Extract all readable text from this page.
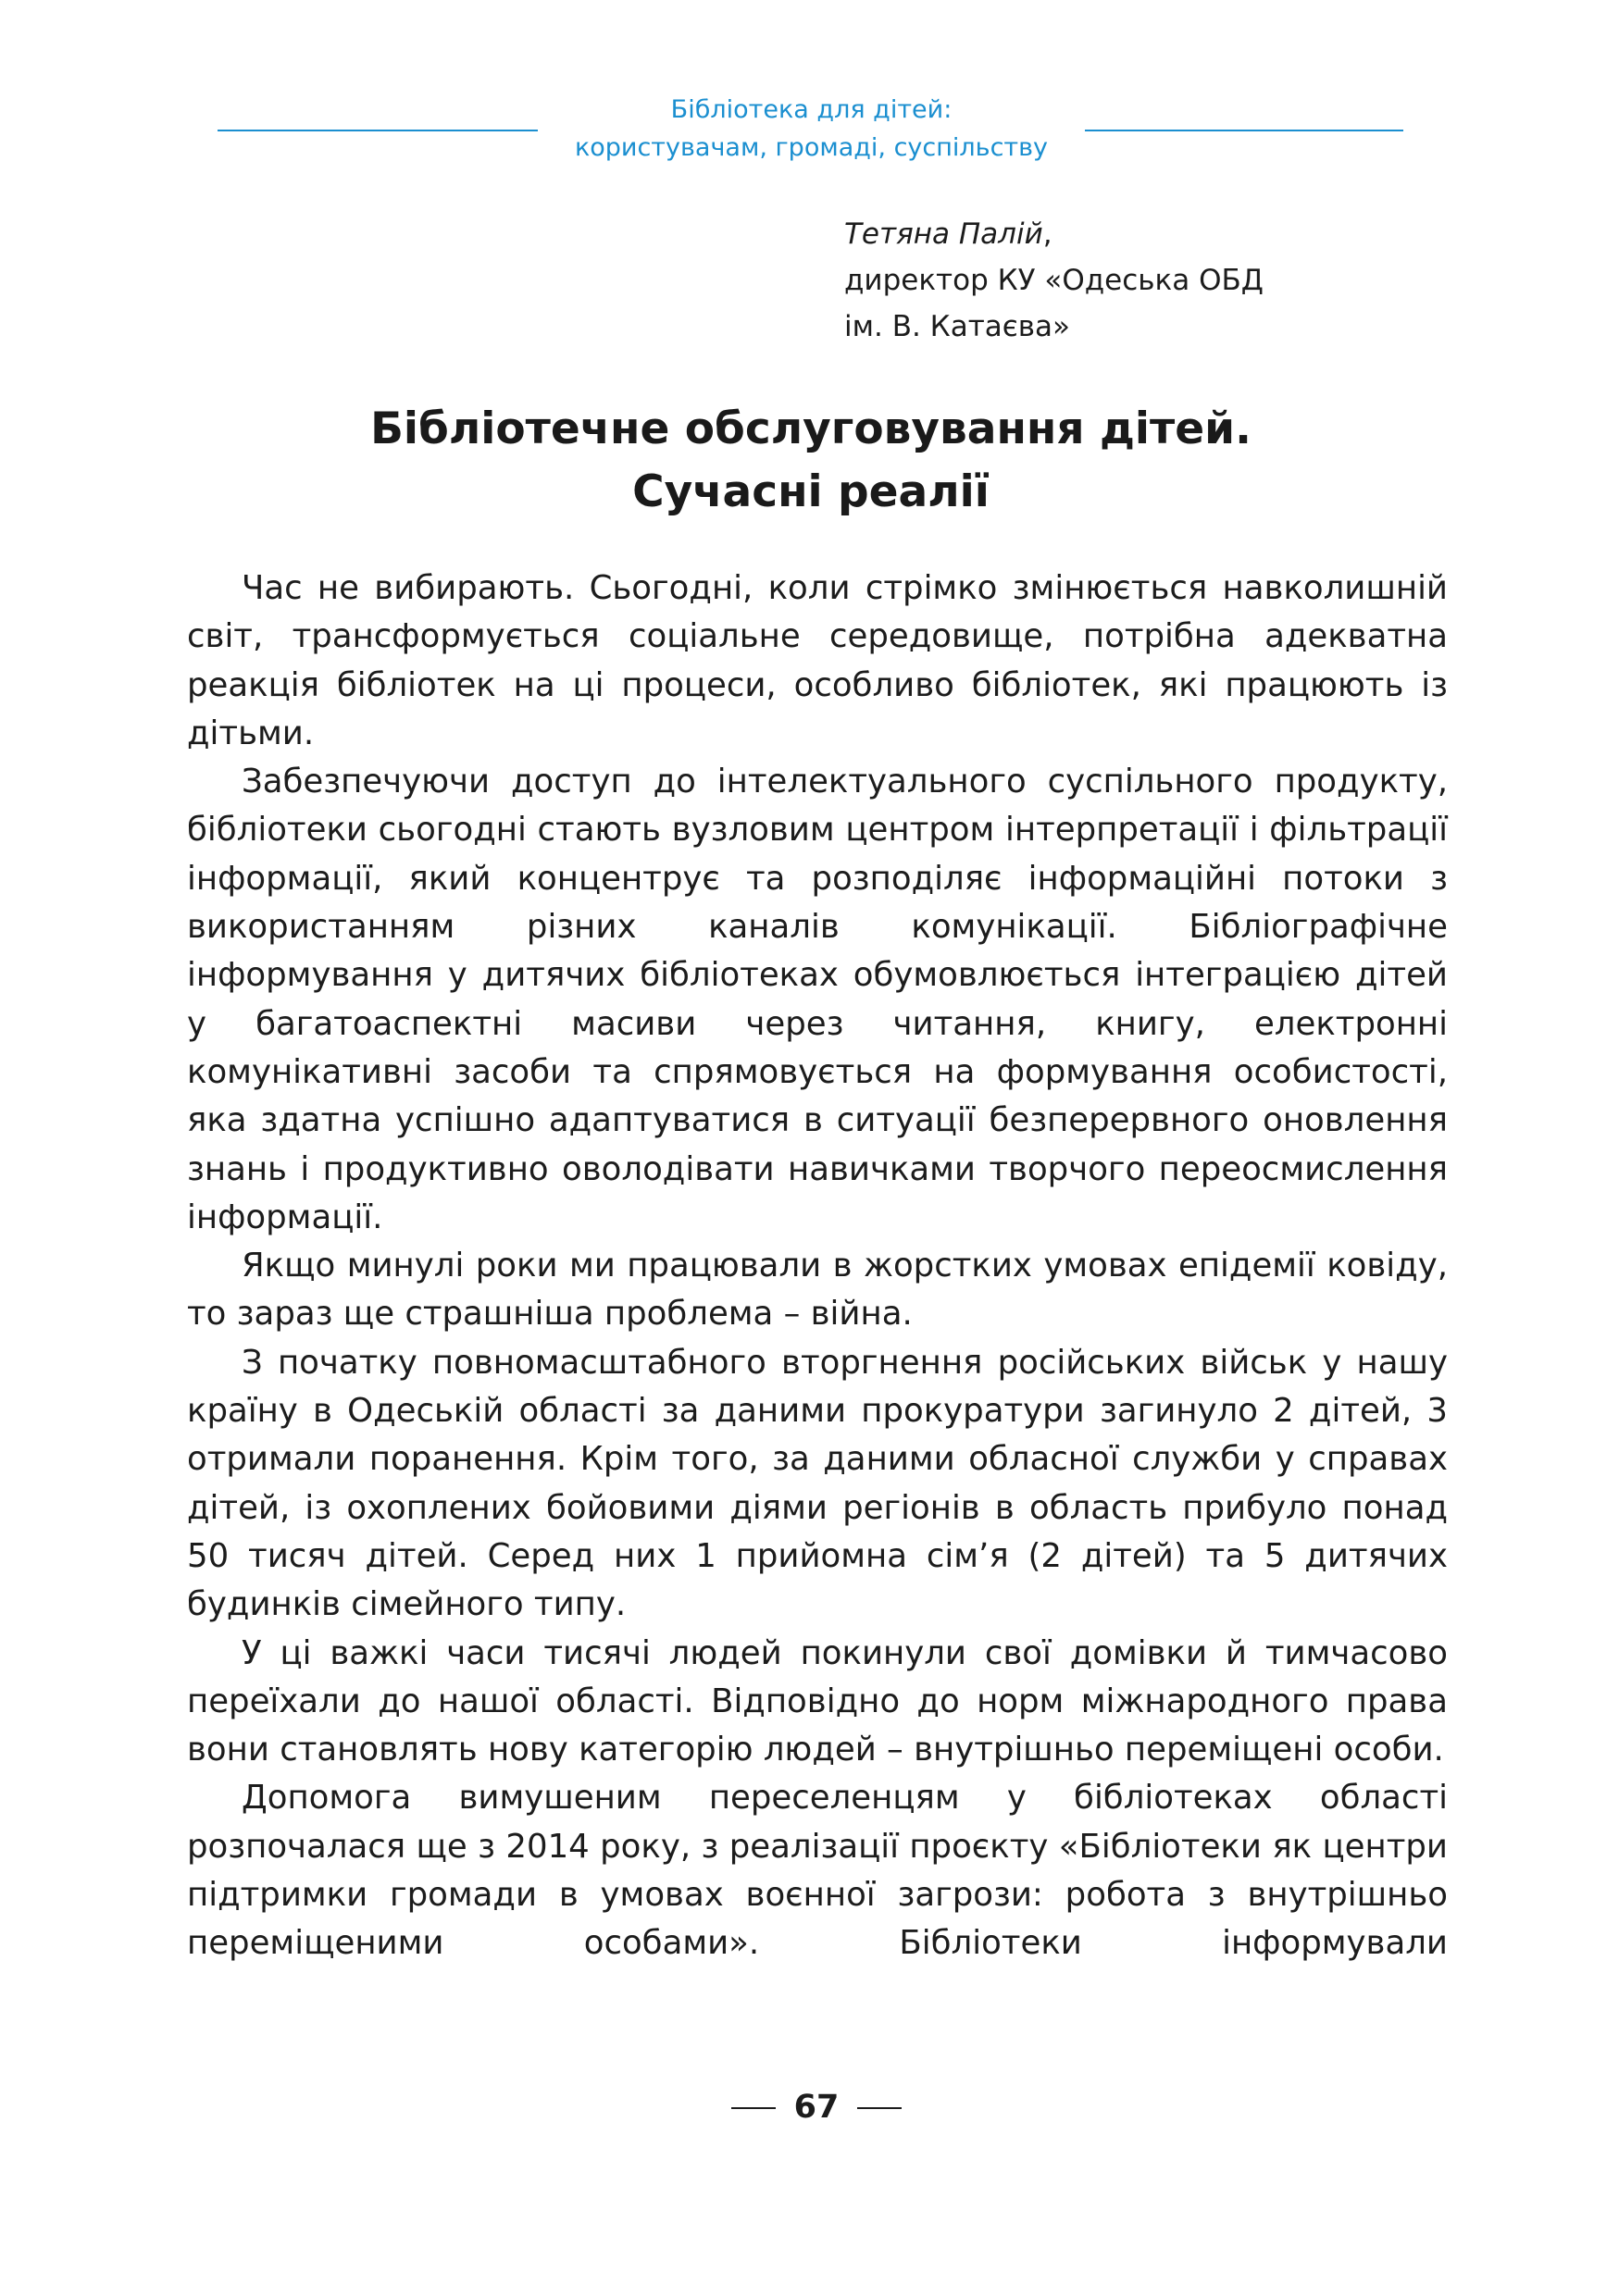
Бібліотека для дітей:
користувачам, громаді, суспільству
Тетяна Палій,
директор КУ «Одеська ОБД
ім. В. Катаєва»
Бібліотечне обслуговування дітей.
Сучасні реалії

Час не вибирають. Сьогодні, коли стрімко змінюється навколишній світ, трансформується соціальне середовище, потрібна адекватна реакція бібліотек на ці процеси, особливо бібліотек, які працюють із дітьми.

Забезпечуючи доступ до інтелектуального суспільного продукту, бібліотеки сьогодні стають вузловим центром інтерпретації і фільтрації інформації, який концентрує та розподіляє інформаційні потоки з використанням різних каналів комунікації. Бібліографічне інформування у дитячих бібліотеках обумовлюється інтеграцією дітей у багатоаспектні масиви через читання, книгу, електронні комунікативні засоби та спрямовується на формування особистості, яка здатна успішно адаптуватися в ситуації безперервного оновлення знань і продуктивно оволодівати навичками творчого переосмислення інформації.

Якщо минулі роки ми працювали в жорстких умовах епідемії ковіду, то зараз ще страшніша проблема – війна.

З початку повномасштабного вторгнення російських військ у нашу країну в Одеській області за даними прокуратури загинуло 2 дітей, 3 отримали поранення. Крім того, за даними обласної служби у справах дітей, із охоплених бойовими діями регіонів в область прибуло понад 50 тисяч дітей. Серед них 1 прийомна сім’я (2 дітей) та 5 дитячих будинків сімейного типу.

У ці важкі часи тисячі людей покинули свої домівки й тимчасово переїхали до нашої області. Відповідно до норм міжнародного права вони становлять нову категорію людей – внутрішньо переміщені особи.

Допомога вимушеним переселенцям у бібліотеках області розпочалася ще з 2014 року, з реалізації проєкту «Бібліотеки як центри підтримки громади в умовах воєнної загрози: робота з внутрішньо переміщеними особами». Бібліотеки інформували

67
